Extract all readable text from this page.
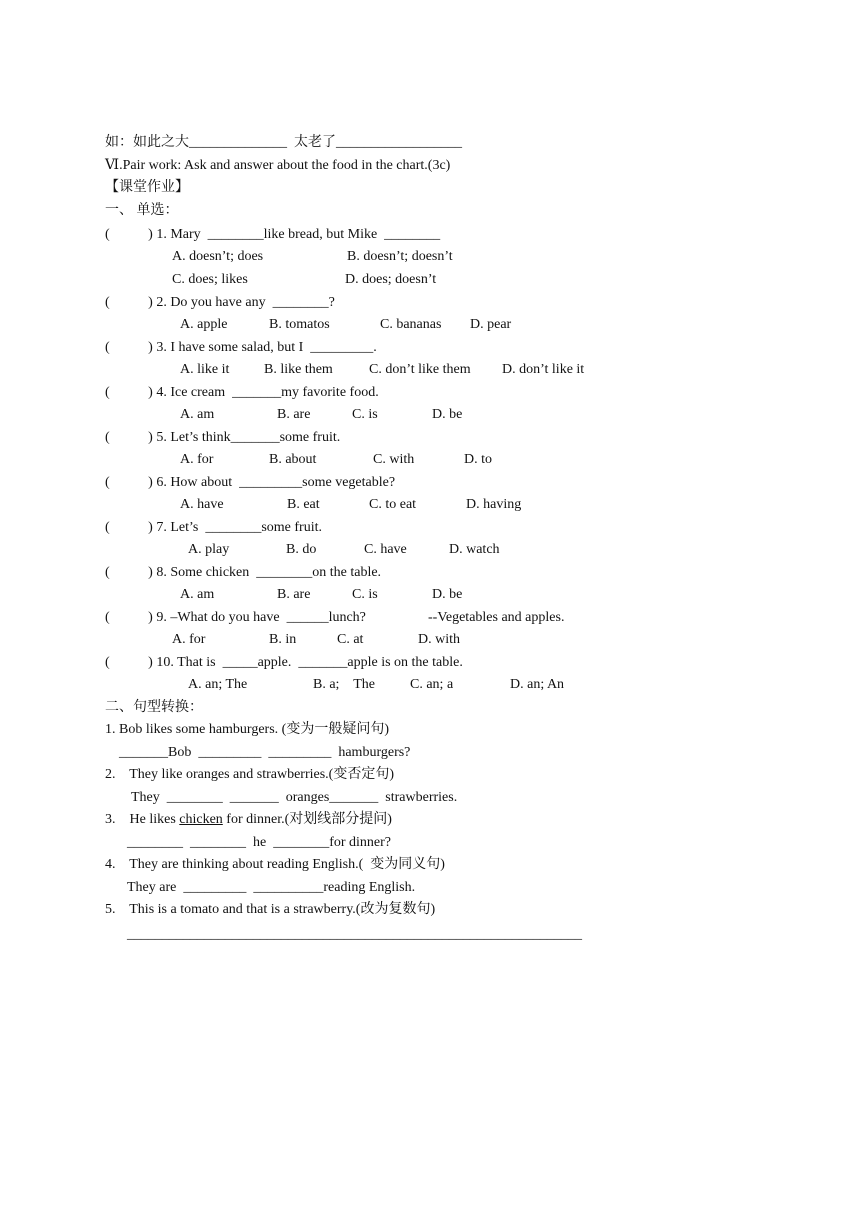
如：如此之大______________  太老了__________________
Ⅵ.Pair work: Ask and answer about the food in the chart.(3c)
【课堂作业】
一、 单选：
(           ) 1. Mary  ________like bread, but Mike  ________
A. doesn’t; does	B. doesn’t; doesn’t
C. does; likes	D. does; doesn’t
(           ) 2. Do you have any  ________?
A. apple	B. tomatos	C. bananas D. pear
(           ) 3. I have some salad, but I  _________.
A. like it B. like them	C. don’t like them D. don’t like it
(           ) 4. Ice cream  _______my favorite food.
A. am	B. are	C. is	D. be
(           ) 5. Let’s think_______some fruit.
A. for	B. about	C. with	D. to
(           ) 6. How about  _________some vegetable?
A. have	B. eat	C. to eat	D. having
(           ) 7. Let’s  ________some fruit.
A. play	B. do	C. have	D. watch
(           ) 8. Some chicken  ________on the table.
A. am	B. are	C. is	D. be
(           ) 9. –What do you have  ______lunch?	--Vegetables and apples.
A. for	B. in	C. at	D. with
(           ) 10. That is  _____apple.  _______apple is on the table.
A. an; The	B. a;    The	C. an; a	D. an; An
二、句型转换：
1. Bob likes some hamburgers. (变为一般疑问句)
_______Bob  _________  _________  hamburgers?
2.    They like oranges and strawberries.(变否定句)
They  ________  _______  oranges_______  strawberries.
3.    He likes chicken for dinner.(对划线部分提问)
________  ________  he  ________for dinner?
4.    They are thinking about reading English.(  变为同义句)
They are  _________  __________reading English.
5.    This is a tomato and that is a strawberry.(改为复数句)
_________________________________________________________________
